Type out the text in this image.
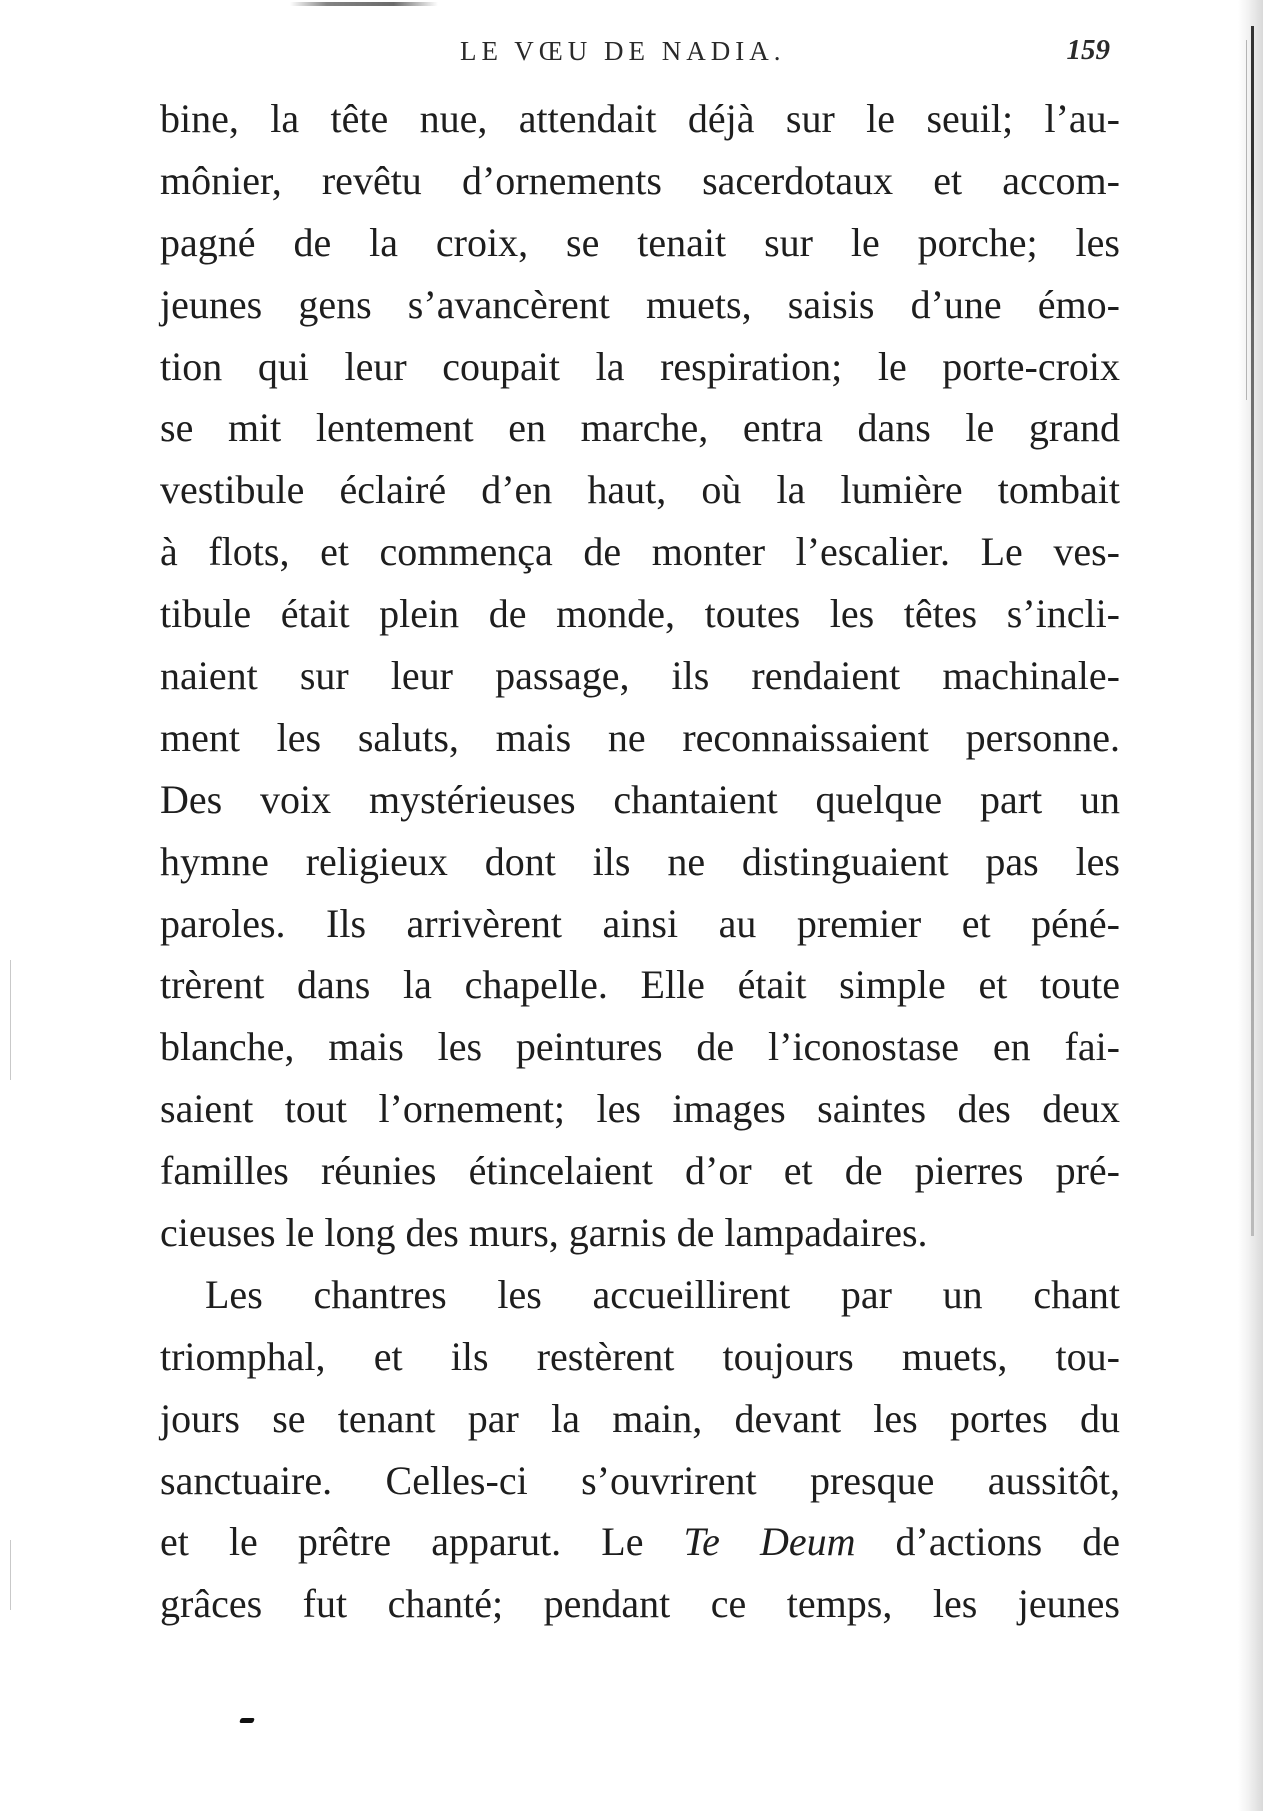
LE VŒU DE NADIA.	159
bine, la tête nue, attendait déjà sur le seuil; l’au-
mônier, revêtu d’ornements sacerdotaux et accom-
pagné de la croix, se tenait sur le porche; les
jeunes gens s’avancèrent muets, saisis d’une émo-
tion qui leur coupait la respiration; le porte-croix
se mit lentement en marche, entra dans le grand
vestibule éclairé d’en haut, où la lumière tombait
à flots, et commença de monter l’escalier. Le ves-
tibule était plein de monde, toutes les têtes s’incli-
naient sur leur passage, ils rendaient machinale-
ment les saluts, mais ne reconnaissaient personne.
Des voix mystérieuses chantaient quelque part un
hymne religieux dont ils ne distinguaient pas les
paroles. Ils arrivèrent ainsi au premier et péné-
trèrent dans la chapelle. Elle était simple et toute
blanche, mais les peintures de l’iconostase en fai-
saient tout l’ornement; les images saintes des deux
familles réunies étincelaient d’or et de pierres pré-
cieuses le long des murs, garnis de lampadaires.
Les chantres les accueillirent par un chant
triomphal, et ils restèrent toujours muets, tou-
jours se tenant par la main, devant les portes du
sanctuaire. Celles-ci s’ouvrirent presque aussitôt,
et le prêtre apparut. Le Te Deum d’actions de
grâces fut chanté; pendant ce temps, les jeunes
